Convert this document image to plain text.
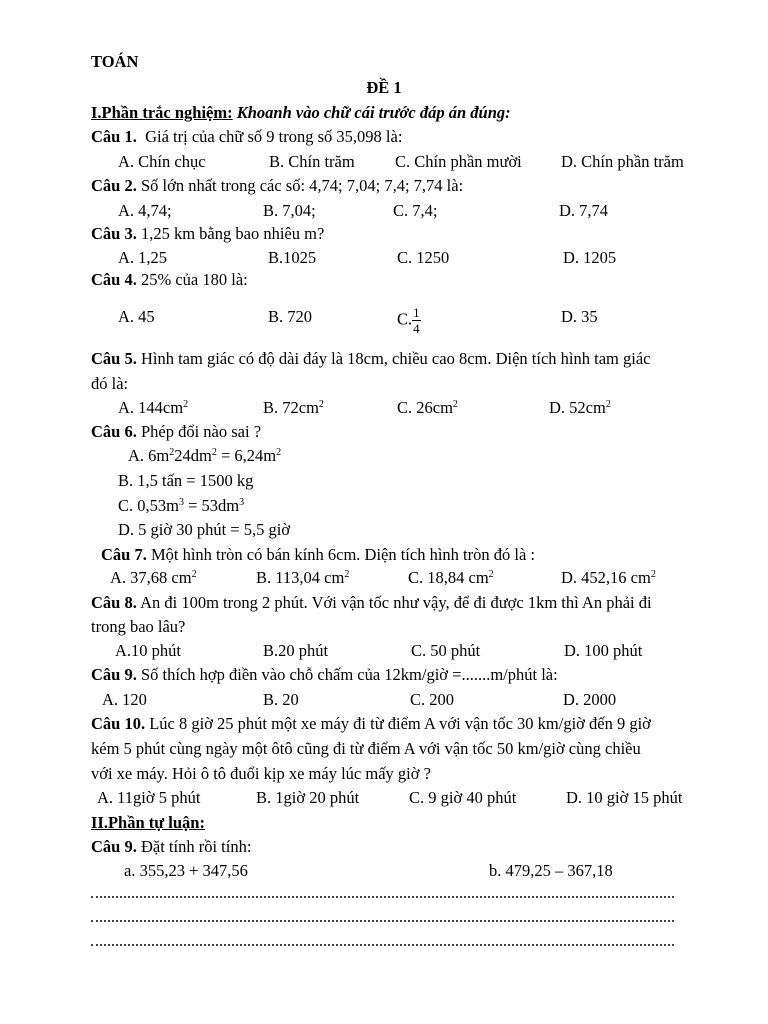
TOÁN
ĐỀ 1
I.Phần trắc nghiệm: Khoanh vào chữ cái trước đáp án đúng:
Câu 1. Giá trị của chữ số 9 trong số 35,098 là:
A. Chín chục	B. Chín trăm C. Chín phần mười D. Chín phần trăm
Câu 2. Số lớn nhất trong các số: 4,74; 7,04; 7,4; 7,74 là:
A. 4,74;	B. 7,04;	C. 7,4;	D. 7,74
Câu 3. 1,25 km bằng bao nhiêu m?
A. 1,25	B.1025	C. 1250	D. 1205
Câu 4. 25% của 180 là:
A. 45	B. 720	C. $\frac{1}{4}$	D. 35
Câu 5. Hình tam giác có độ dài đáy là 18cm, chiều cao 8cm. Diện tích hình tam giác
đó là:
A. $144cm^2$	B. $72cm^2$	C. $26cm^2$	D. $52cm^2$
Câu 6. Phép đổi nào sai ?
A. $6m^224dm^2 = 6,24m^2$
B. 1,5 tấn = 1500 kg
C. $0,53m^3 = 53dm^3$
D. 5 giờ 30 phút = 5,5 giờ
Câu 7. Một hình tròn có bán kính 6cm. Diện tích hình tròn đó là :
A. 37,68 $cm^2$	B. 113,04 $cm^2$	C. 18,84 $cm^2$	D. 452,16 $cm^2$
Câu 8. An đi 100m trong 2 phút. Với vận tốc như vậy, để đi được 1km thì An phải đi
trong bao lâu?
A.10 phút	B.20 phút	C. 50 phút	D. 100 phút
Câu 9. Số thích hợp điền vào chỗ chấm của 12km/giờ =.......m/phút là:
A. 120	B. 20	C. 200	D. 2000
Câu 10. Lúc 8 giờ 25 phút một xe máy đi từ điểm A với vận tốc 30 km/giờ đến 9 giờ
kém 5 phút cùng ngày một ôtô cũng đi từ điểm A với vận tốc 50 km/giờ cùng chiều
với xe máy. Hỏi ô tô đuổi kịp xe máy lúc mấy giờ ?
A. 11giờ 5 phút	B. 1giờ 20 phút	C. 9 giờ 40 phút	D. 10 giờ 15 phút
II.Phần tự luận:
Câu 9. Đặt tính rồi tính:
a. 355,23 + 347,56	b. 479,25 – 367,18
